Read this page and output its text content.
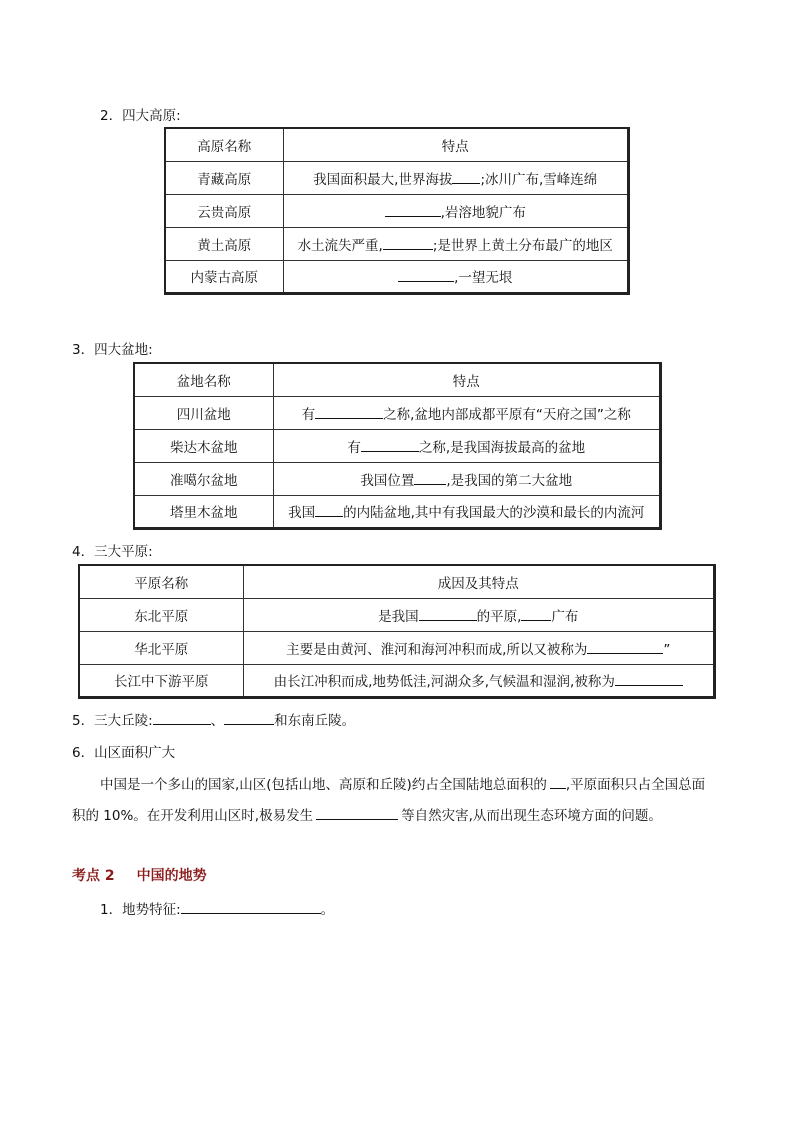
2．四大高原:
高原名称	特点
青藏高原	我国面积最大,世界海拔 ;冰川广布,雪峰连绵
云贵高原	,岩溶地貌广布
黄土高原	水土流失严重, ;是世界上黄土分布最广的地区
内蒙古高原	,一望无垠
3．四大盆地:
盆地名称	特点
四川盆地	有 之称,盆地内部成都平原有“天府之国”之称
柴达木盆地	有 之称,是我国海拔最高的盆地
准噶尔盆地	我国位置 ,是我国的第二大盆地
塔里木盆地	我国 的内陆盆地,其中有我国最大的沙漠和最长的内流河
4．三大平原:
平原名称	成因及其特点
东北平原	是我国 的平原, 广布
华北平原	主要是由黄河、淮河和海河冲积而成,所以又被称为 ”
长江中下游平原	由长江冲积而成,地势低洼,河湖众多,气候温和湿润,被称为
5．三大丘陵:	、	和东南丘陵。
6．山区面积广大
中国是一个多山的国家,山区(包括山地、高原和丘陵)约占全国陆地总面积的 ,平原面积只占全国总面
积的 10%。在开发利用山区时,极易发生	等自然灾害,从而出现生态环境方面的问题。
考点 2 中国的地势
1．地势特征:	。
